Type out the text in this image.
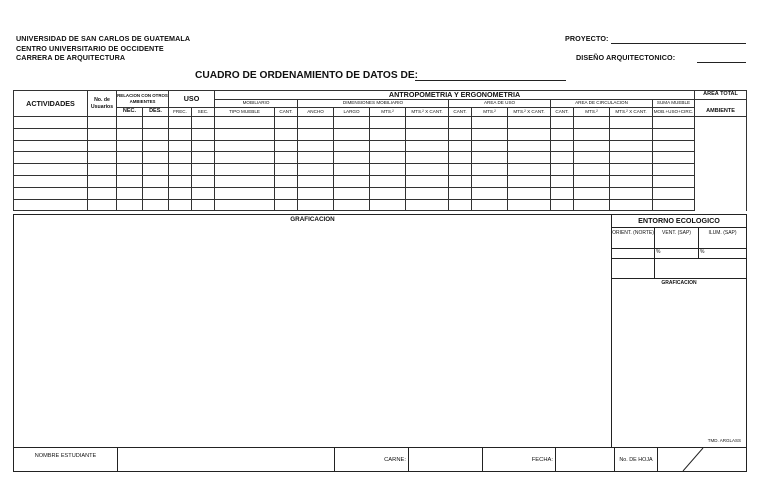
UNIVERSIDAD DE SAN CARLOS DE GUATEMALA
CENTRO UNIVERSITARIO DE OCCIDENTE
CARRERA DE ARQUITECTURA
PROYECTO:
DISEÑO ARQUITECTONICO:
CUADRO DE ORDENAMIENTO DE DATOS DE:
ACTIVIDADES	No. de Usuarios	RELACION CON OTROS AMBIENTES		USO		ANTROPOMETRIA Y ERGONOMETRIA													AREA TOTAL
						MOBILIARIO		DIMENSIONES MOBILIARIO				AREA DE USO			AREA DE CIRCULACION			SUMA MUEBLE	
		NEC.	DES.	FREC.	SEC.	TIPO MUEBLE	CANT.	ANCHO	LARGO	MTS.²	MTS.² X CANT.	CANT.	MTS.²	MTS.² X CANT.	CANT.	MTS.²	MTS.² X CANT.	MOB.+USO+CIRC.	AMBIENTE

GRAFICACION	ENTORNO ECOLOGICO
ORIENT. (NORTE)	VENT. (SAP)	ILUM. (SAP)
%	%
GRAFICACION
TMD. ARGLASS
NOMBRE ESTUDIANTE
CARNE:	FECHA:	No. DE HOJA
